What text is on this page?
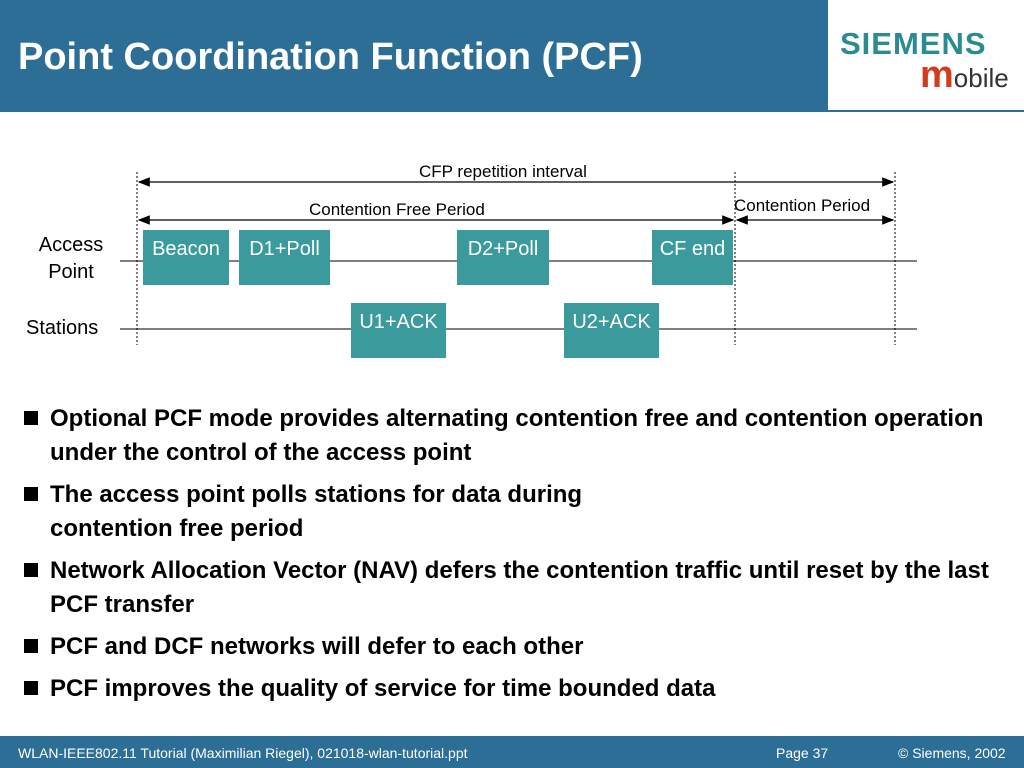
Point Coordination Function (PCF)	SIEMENS
mobile
CFP repetition interval
Contention Free Period	Contention Period
Access
Point
Stations
Beacon	D1+Poll	D2+Poll	CF end
U1+ACK	U2+ACK
Optional PCF mode provides alternating contention free and contention operation under the control of the access point
The access point polls stations for data during contention free period
Network Allocation Vector (NAV) defers the contention traffic until reset by the last PCF transfer
PCF and DCF networks will defer to each other
PCF improves the quality of service for time bounded data
WLAN-IEEE802.11 Tutorial (Maximilian Riegel), 021018-wlan-tutorial.ppt	Page 37	© Siemens, 2002
